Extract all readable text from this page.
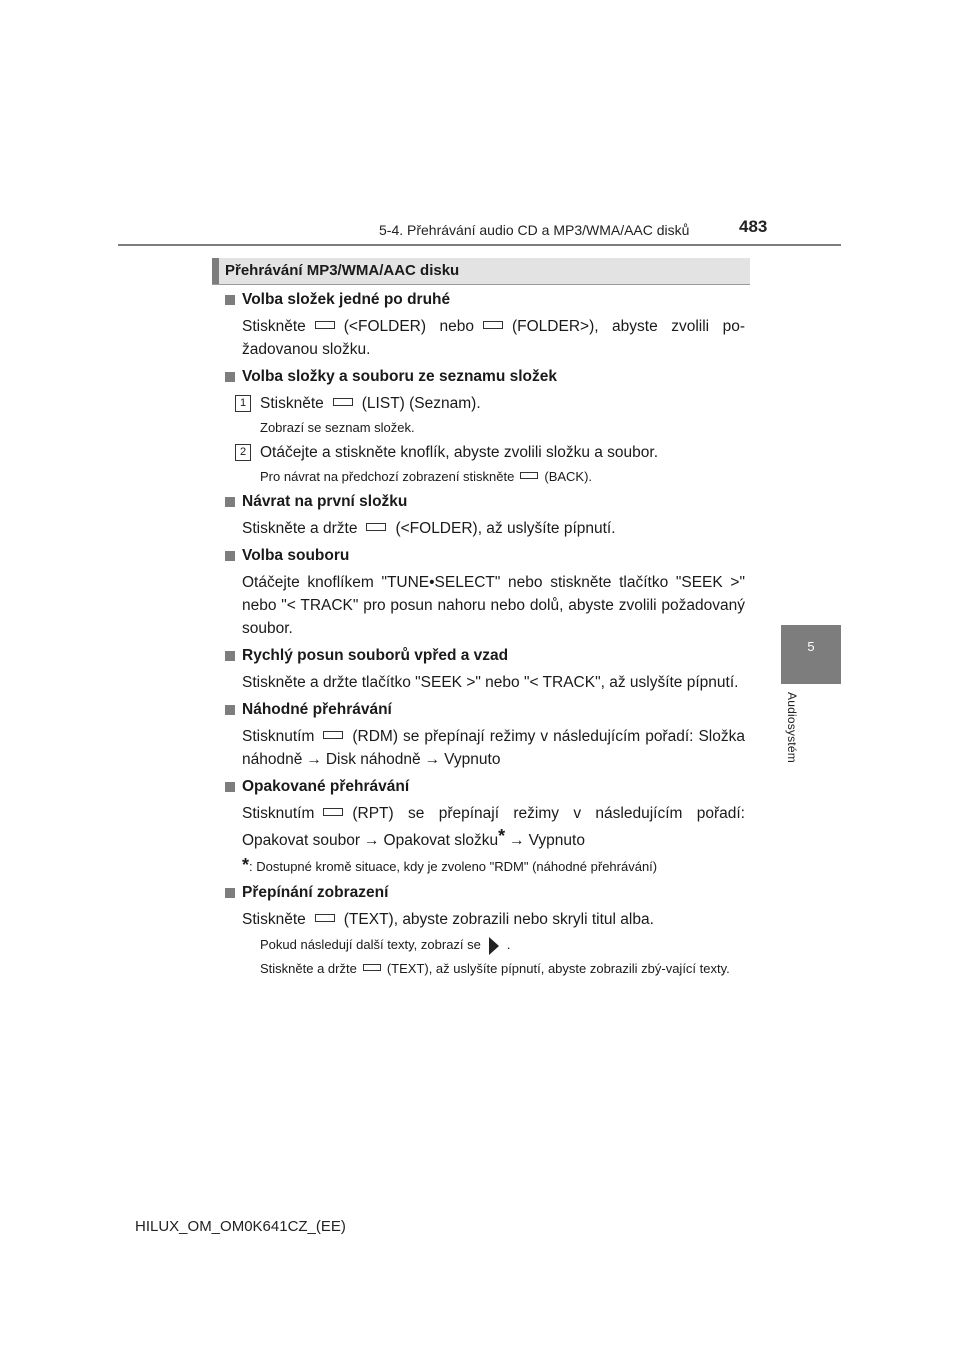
5-4. Přehrávání audio CD a MP3/WMA/AAC disků	483
5
Audiosystém
Přehrávání MP3/WMA/AAC disku
Volba složek jedné po druhé
Stiskněte (<FOLDER) nebo (FOLDER>), abyste zvolili po-žadovanou složku.
Volba složky a souboru ze seznamu složek
1 Stiskněte (LIST) (Seznam).
Zobrazí se seznam složek.
2 Otáčejte a stiskněte knoflík, abyste zvolili složku a soubor.
Pro návrat na předchozí zobrazení stiskněte (BACK).
Návrat na první složku
Stiskněte a držte (<FOLDER), až uslyšíte pípnutí.
Volba souboru
Otáčejte knoflíkem "TUNE•SELECT" nebo stiskněte tlačítko "SEEK >" nebo "< TRACK" pro posun nahoru nebo dolů, abyste zvolili požadovaný soubor.
Rychlý posun souborů vpřed a vzad
Stiskněte a držte tlačítko "SEEK >" nebo "< TRACK", až uslyšíte pípnutí.
Náhodné přehrávání
Stisknutím (RDM) se přepínají režimy v následujícím pořadí: Složka náhodně → Disk náhodně → Vypnuto
Opakované přehrávání
Stisknutím (RPT) se přepínají režimy v následujícím pořadí: Opakovat soubor → Opakovat složku* → Vypnuto
*: Dostupné kromě situace, kdy je zvoleno "RDM" (náhodné přehrávání)
Přepínání zobrazení
Stiskněte (TEXT), abyste zobrazili nebo skryli titul alba.
Pokud následují další texty, zobrazí se .
Stiskněte a držte (TEXT), až uslyšíte pípnutí, abyste zobrazili zbý-vající texty.
HILUX_OM_OM0K641CZ_(EE)
